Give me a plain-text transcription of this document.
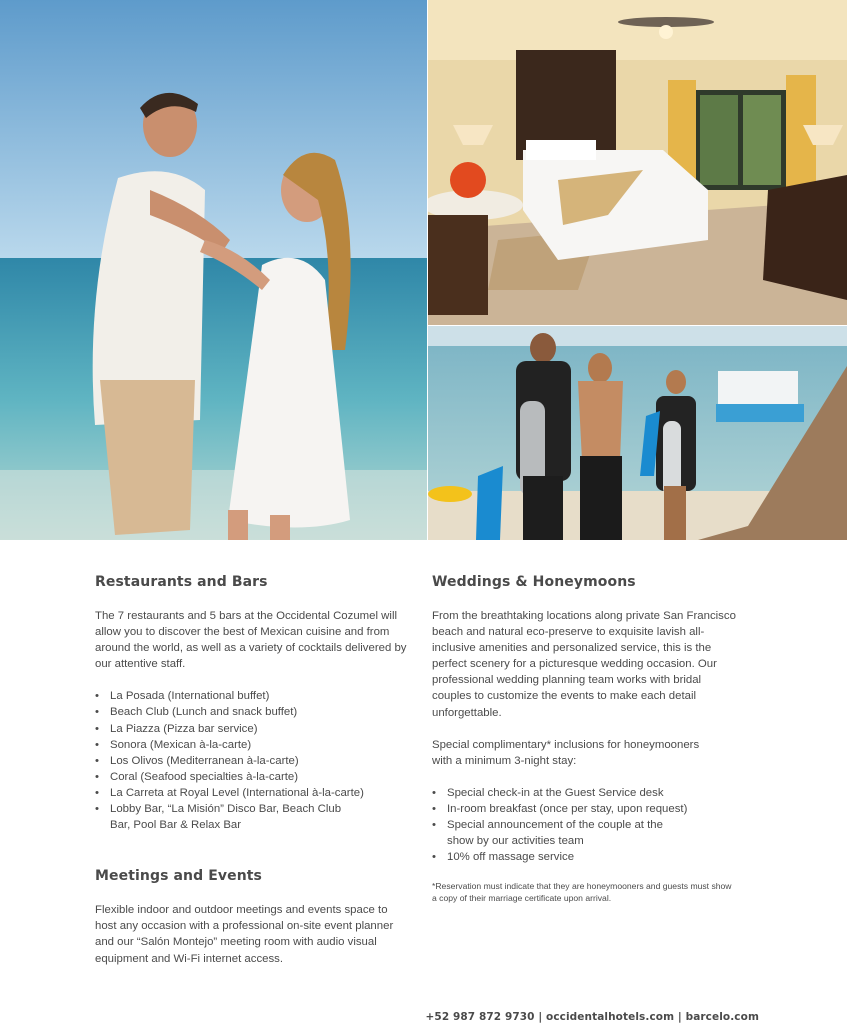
Restaurants and Bars

The 7 restaurants and 5 bars at the Occidental Cozumel will allow you to discover the best of Mexican cuisine and from around the world, as well as a variety of cocktails delivered by our attentive staff.

• La Posada (International buffet)
• Beach Club (Lunch and snack buffet)
• La Piazza (Pizza bar service)
• Sonora (Mexican à-la-carte)
• Los Olivos (Mediterranean à-la-carte)
• Coral (Seafood specialties à-la-carte)
• La Carreta at Royal Level (International à-la-carte)
• Lobby Bar, “La Misión” Disco Bar, Beach Club Bar, Pool Bar & Relax Bar
Meetings and Events

Flexible indoor and outdoor meetings and events space to host any occasion with a professional on-site event planner and our “Salón Montejo” meeting room with audio visual equipment and Wi-Fi internet access.

Weddings & Honeymoons

From the breathtaking locations along private San Francisco beach and natural eco-preserve to exquisite lavish all-inclusive amenities and personalized service, this is the perfect scenery for a picturesque wedding occasion. Our professional wedding planning team works with bridal couples to customize the events to make each detail unforgettable.

Special complimentary* inclusions for honeymooners with a minimum 3-night stay:

• Special check-in at the Guest Service desk
• In-room breakfast (once per stay, upon request)
• Special announcement of the couple at the show by our activities team
• 10% off massage service
*Reservation must indicate that they are honeymooners and guests must show a copy of their marriage certificate upon arrival.
+52 987 872 9730 | occidentalhotels.com | barcelo.com
